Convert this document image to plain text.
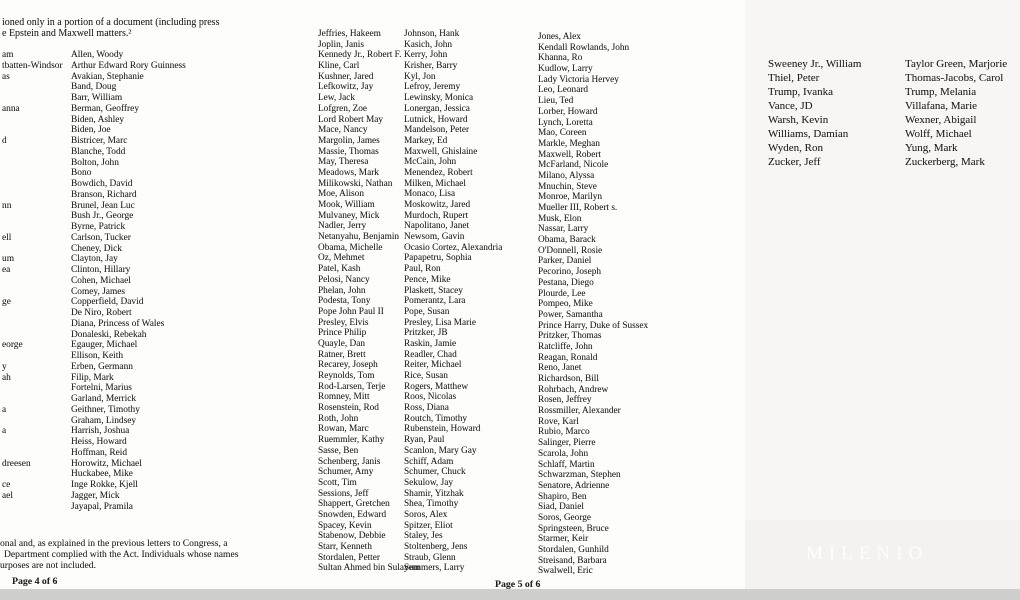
ioned only in a portion of a document (including press
e Epstein and Maxwell matters.²
am
tbatten-Windsor
as
anna
d
nn
ell
um
ea
ge
eorge
y
ah
a
a
dreesen
ce
ael
Allen, Woody
Arthur Edward Rory Guinness
Avakian, Stephanie
Band, Doug
Barr, William
Berman, Geoffrey
Biden, Ashley
Biden, Joe
Bistricer, Marc
Blanche, Todd
Bolton, John
Bono
Bowdich, David
Branson, Richard
Brunel, Jean Luc
Bush Jr., George
Byrne, Patrick
Carlson, Tucker
Cheney, Dick
Clayton, Jay
Clinton, Hillary
Cohen, Michael
Comey, James
Copperfield, David
De Niro, Robert
Diana, Princess of Wales
Donaleski, Rebekah
Egauger, Michael
Ellison, Keith
Erben, Germann
Filip, Mark
Fortelni, Marius
Garland, Merrick
Geithner, Timothy
Graham, Lindsey
Harrish, Joshua
Heiss, Howard
Hoffman, Reid
Horowitz, Michael
Huckabee, Mike
Inge Rokke, Kjell
Jagger, Mick
Jayapal, Pramila
onal and, as explained in the previous letters to Congress, a
Department complied with the Act. Individuals whose names
urposes are not included.
Page 4 of 6
Jeffries, Hakeem
Joplin, Janis
Kennedy Jr., Robert F.
Kline, Carl
Kushner, Jared
Lefkowitz, Jay
Lew, Jack
Lofgren, Zoe
Lord Robert May
Mace, Nancy
Margolin, James
Massie, Thomas
May, Theresa
Meadows, Mark
Milikowski, Nathan
Moe, Alison
Mook, William
Mulvaney, Mick
Nadler, Jerry
Netanyahu, Benjamin
Obama, Michelle
Oz, Mehmet
Patel, Kash
Pelosi, Nancy
Phelan, John
Podesta, Tony
Pope John Paul II
Presley, Elvis
Prince Philip
Quayle, Dan
Ratner, Brett
Recarey, Joseph
Reynolds, Tom
Rod-Larsen, Terje
Romney, Mitt
Rosenstein, Rod
Roth, John
Rowan, Marc
Ruemmler, Kathy
Sasse, Ben
Schenberg, Janis
Schumer, Amy
Scott, Tim
Sessions, Jeff
Shappert, Gretchen
Snowden, Edward
Spacey, Kevin
Stabenow, Debbie
Starr, Kenneth
Stordalen, Petter
Sultan Ahmed bin Sulayem
Johnson, Hank
Kasich, John
Kerry, John
Krisher, Barry
Kyl, Jon
Lefroy, Jeremy
Lewinsky, Monica
Lonergan, Jessica
Lutnick, Howard
Mandelson, Peter
Markey, Ed
Maxwell, Ghislaine
McCain, John
Menendez, Robert
Milken, Michael
Monaco, Lisa
Moskowitz, Jared
Murdoch, Rupert
Napolitano, Janet
Newsom, Gavin
Ocasio Cortez, Alexandria
Papapetru, Sophia
Paul, Ron
Pence, Mike
Plaskett, Stacey
Pomerantz, Lara
Pope, Susan
Presley, Lisa Marie
Pritzker, JB
Raskin, Jamie
Readler, Chad
Reiter, Michael
Rice, Susan
Rogers, Matthew
Roos, Nicolas
Ross, Diana
Routch, Timothy
Rubenstein, Howard
Ryan, Paul
Scanlon, Mary Gay
Schiff, Adam
Schumer, Chuck
Sekulow, Jay
Shamir, Yitzhak
Shea, Timothy
Soros, Alex
Spitzer, Eliot
Staley, Jes
Stoltenberg, Jens
Straub, Glenn
Summers, Larry
Jones, Alex
Kendall Rowlands, John
Khanna, Ro
Kudlow, Larry
Lady Victoria Hervey
Leo, Leonard
Lieu, Ted
Lorber, Howard
Lynch, Loretta
Mao, Coreen
Markle, Meghan
Maxwell, Robert
McFarland, Nicole
Milano, Alyssa
Mnuchin, Steve
Monroe, Marilyn
Mueller III, Robert s.
Musk, Elon
Nassar, Larry
Obama, Barack
O'Donnell, Rosie
Parker, Daniel
Pecorino, Joseph
Pestana, Diego
Plourde, Lee
Pompeo, Mike
Power, Samantha
Prince Harry, Duke of Sussex
Pritzker, Thomas
Ratcliffe, John
Reagan, Ronald
Reno, Janet
Richardson, Bill
Rohrbach, Andrew
Rosen, Jeffrey
Rossmiller, Alexander
Rove, Karl
Rubio, Marco
Salinger, Pierre
Scarola, John
Schlaff, Martin
Schwarzman, Stephen
Senatore, Adrienne
Shapiro, Ben
Siad, Daniel
Soros, George
Springsteen, Bruce
Starmer, Keir
Stordalen, Gunhild
Streisand, Barbara
Swalwell, Eric
Page 5 of 6
Sweeney Jr., William
Thiel, Peter
Trump, Ivanka
Vance, JD
Warsh, Kevin
Williams, Damian
Wyden, Ron
Zucker, Jeff
Taylor Green, Marjorie
Thomas-Jacobs, Carol
Trump, Melania
Villafana, Marie
Wexner, Abigail
Wolff, Michael
Yung, Mark
Zuckerberg, Mark
MILENIO
